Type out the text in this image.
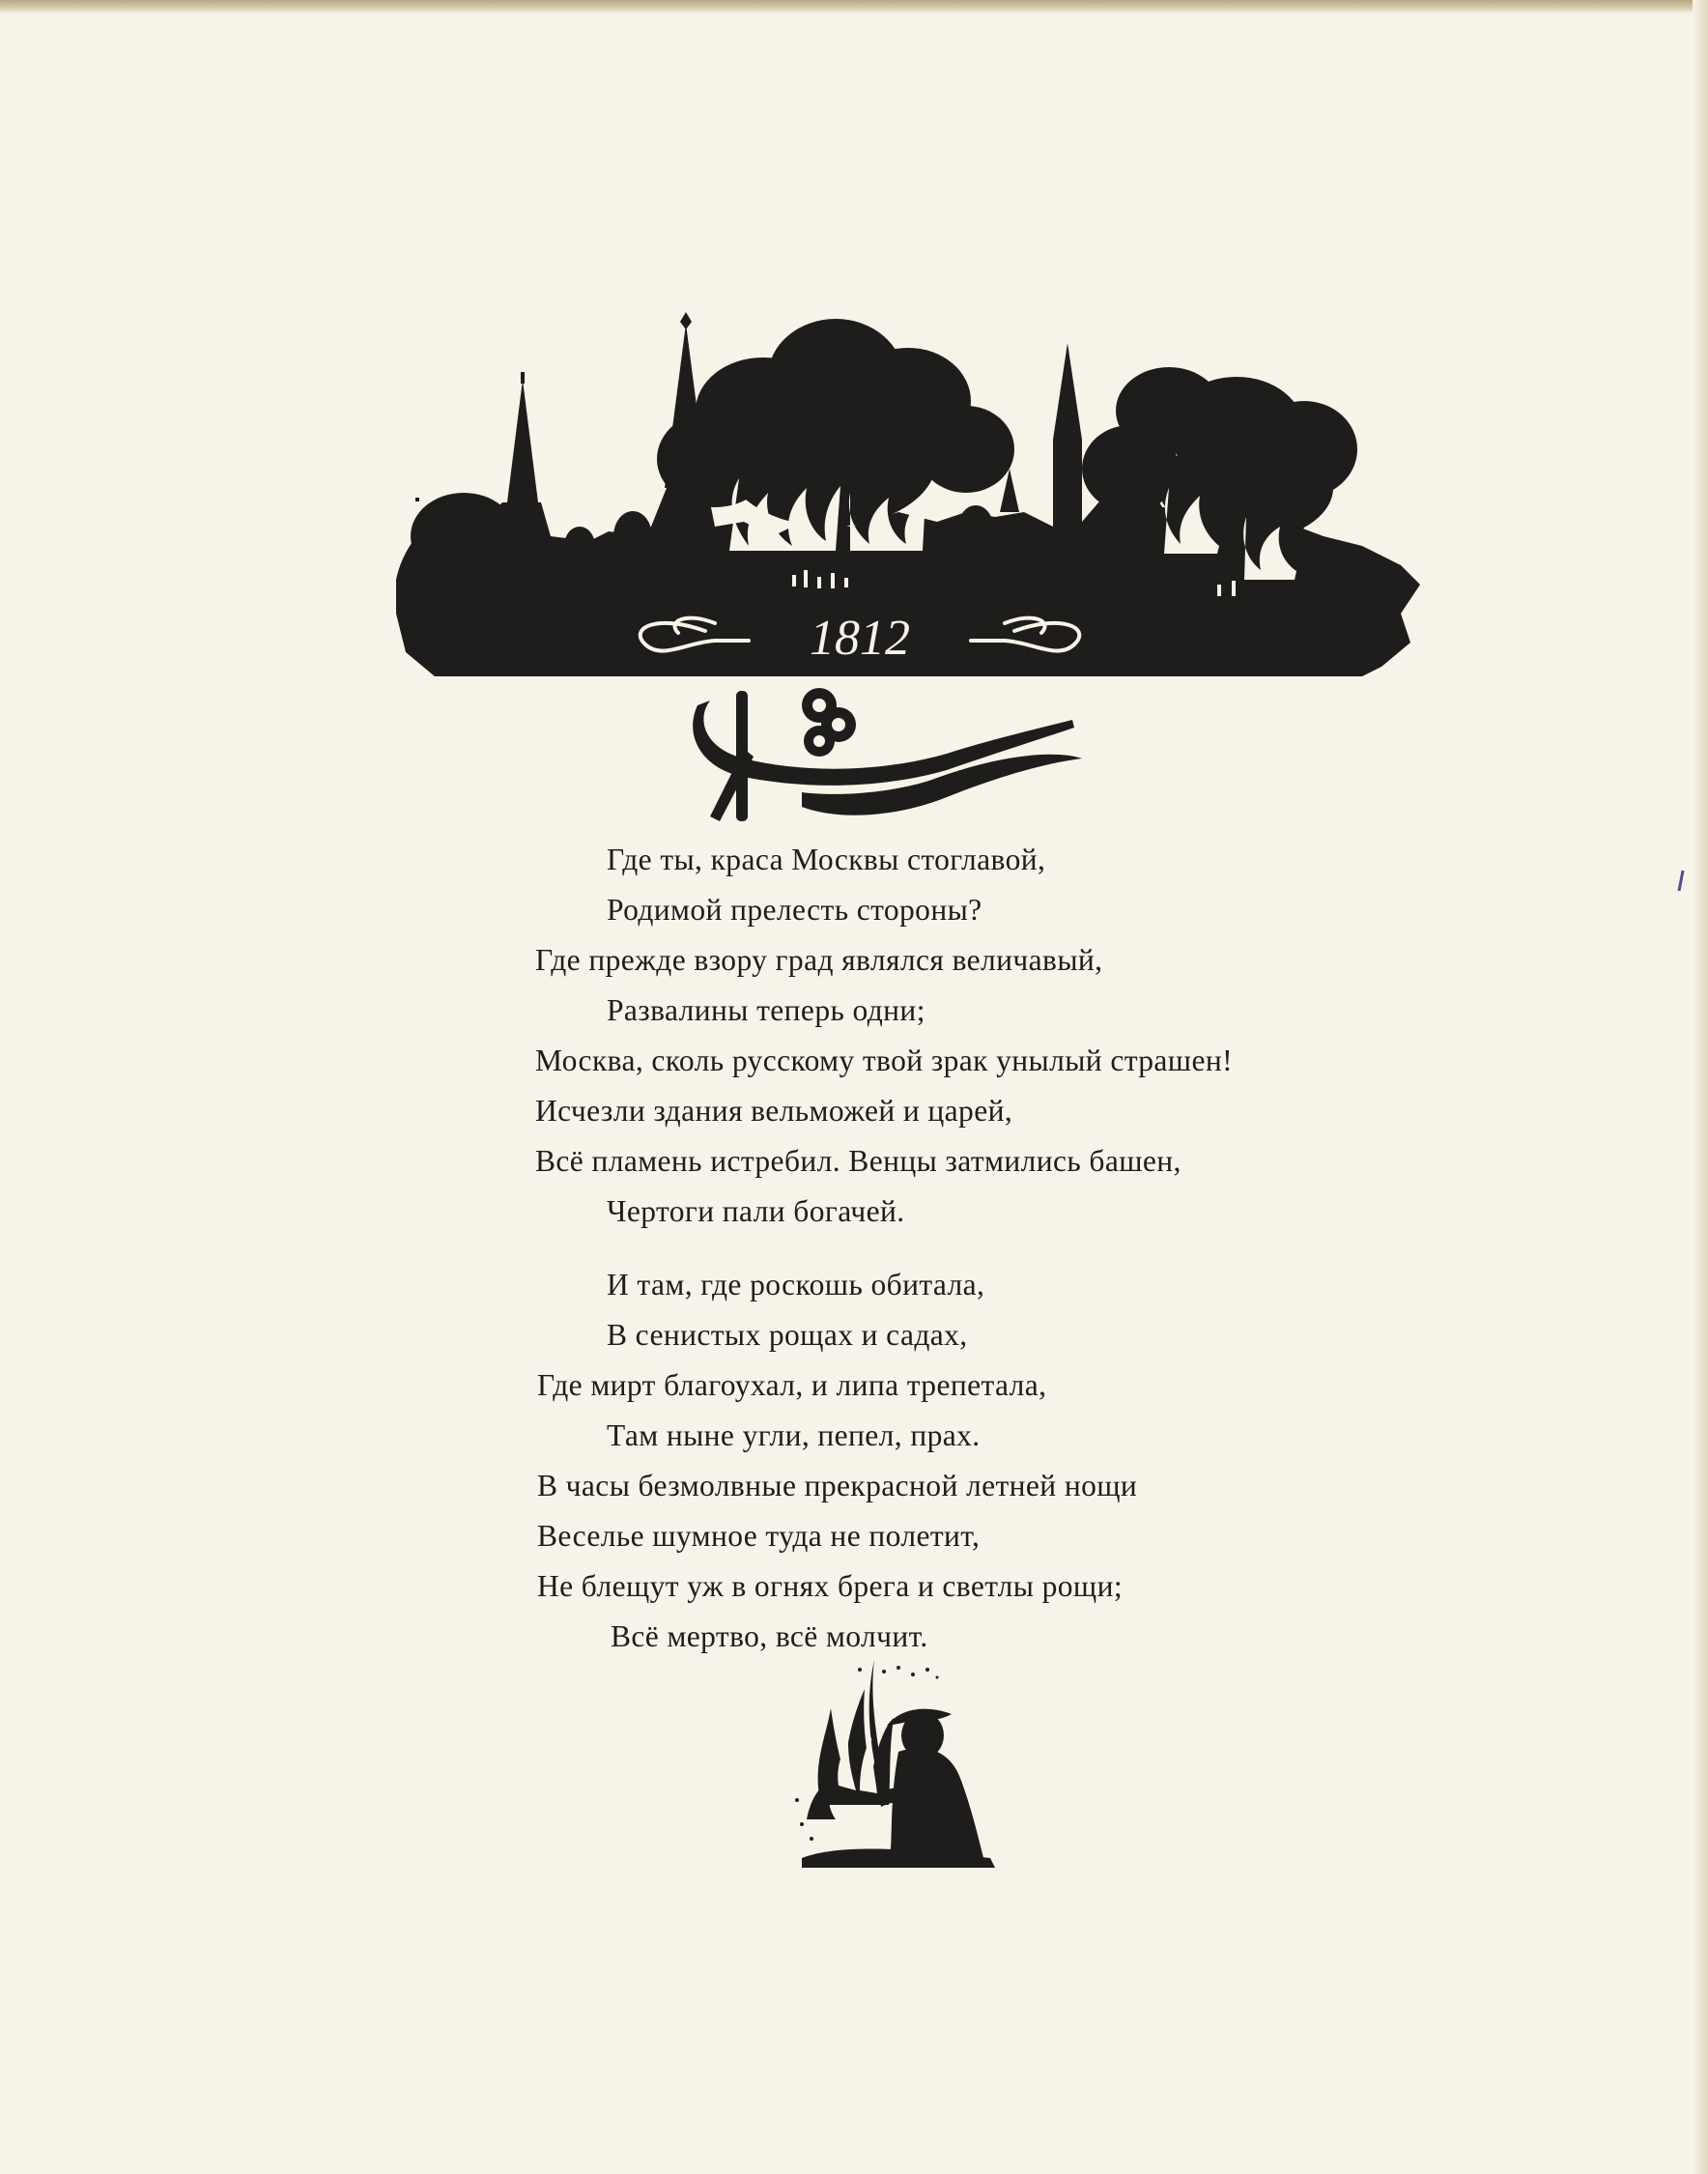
1812
Где ты, краса Москвы стоглавой,
Родимой прелесть стороны?
Где прежде взору град являлся величавый,
Развалины теперь одни;
Москва, сколь русскому твой зрак унылый страшен!
Исчезли здания вельможей и царей,
Всё пламень истребил. Венцы затмились башен,
Чертоги пали богачей.
И там, где роскошь обитала,
В сенистых рощах и садах,
Где мирт благоухал, и липа трепетала,
Там ныне угли, пепел, прах.
В часы безмолвные прекрасной летней нощи
Веселье шумное туда не полетит,
Не блещут уж в огнях брега и светлы рощи;
Всё мертво, всё молчит.
